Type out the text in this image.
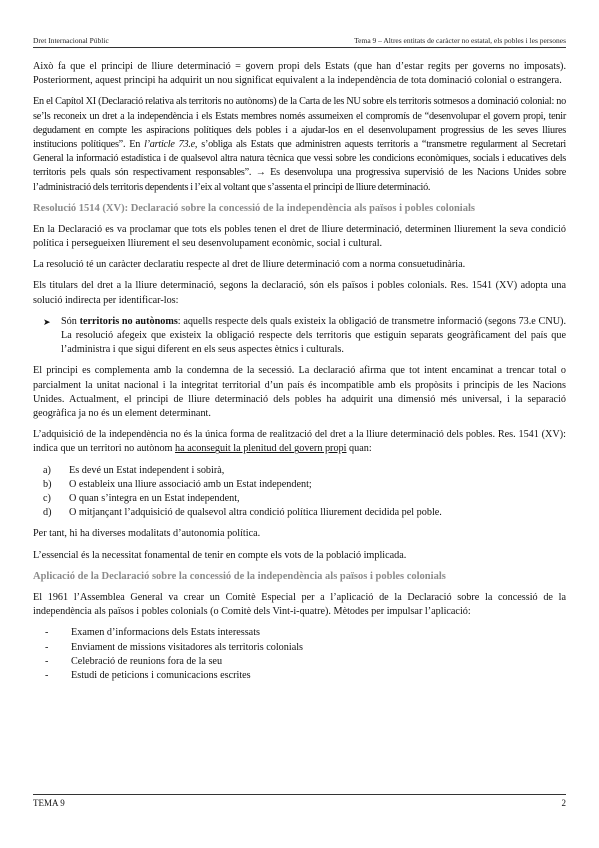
Dret Internacional Públic	Tema 9 – Altres entitats de caràcter no estatal, els pobles i les persones

Això fa que el principi de lliure determinació = govern propi dels Estats (que han d’estar regits per governs no imposats). Posteriorment, aquest principi ha adquirit un nou significat equivalent a la independència de tota dominació colonial o estrangera.

En el Capítol XI (Declaració relativa als territoris no autònoms) de la Carta de les NU sobre els territoris sotmesos a dominació colonial: no se’ls reconeix un dret a la independència i els Estats membres només assumeixen el compromís de “desenvolupar el govern propi, tenir degudament en compte les aspiracions polítiques dels pobles i a ajudar-los en el desenvolupament progressius de les seves lliures institucions polítiques”. En l’article 73.e, s’obliga als Estats que administren aquests territoris a “transmetre regularment al Secretari General la informació estadística i de qualsevol altra natura tècnica que vessi sobre les condicions econòmiques, socials i educatives dels territoris pels quals són respectivament responsables”. → Es desenvolupa una progressiva supervisió de les Nacions Unides sobre l’administració dels territoris dependents i l’eix al voltant que s’assenta el principi de lliure determinació.

Resolució 1514 (XV): Declaració sobre la concessió de la independència als països i pobles colonials

En la Declaració es va proclamar que tots els pobles tenen el dret de lliure determinació, determinen lliurement la seva condició política i persegueixen lliurement el seu desenvolupament econòmic, social i cultural.

La resolució té un caràcter declaratiu respecte al dret de lliure determinació com a norma consuetudinària.

Els titulars del dret a la lliure determinació, segons la declaració, són els països i pobles colonials. Res. 1541 (XV) adopta una solució indirecta per identificar-los:

➤	Són territoris no autònoms: aquells respecte dels quals existeix la obligació de transmetre informació (segons 73.e CNU). La resolució afegeix que existeix la obligació respecte dels territoris que estiguin separats geogràficament del país que l’administra i que sigui diferent en els seus aspectes ètnics i culturals.

El principi es complementa amb la condemna de la secessió. La declaració afirma que tot intent encaminat a trencar total o parcialment la unitat nacional i la integritat territorial d’un país és incompatible amb els propòsits i principis de les Nacions Unides. Actualment, el principi de lliure determinació dels pobles ha adquirit una dimensió més universal, i la separació geogràfica ja no és un element determinant.

L’adquisició de la independència no és la única forma de realització del dret a la lliure determinació dels pobles. Res. 1541 (XV): indica que un territori no autònom ha aconseguit la plenitud del govern propi quan:

a)	Es devé un Estat independent i sobirà,
b)	O estableix una lliure associació amb un Estat independent;
c)	O quan s’integra en un Estat independent,
d)	O mitjançant l’adquisició de qualsevol altra condició política lliurement decidida pel poble.

Per tant, hi ha diverses modalitats d’autonomia política.

L’essencial és la necessitat fonamental de tenir en compte els vots de la població implicada.

Aplicació de la Declaració sobre la concessió de la independència als països i pobles colonials

El 1961 l’Assemblea General va crear un Comitè Especial per a l’aplicació de la Declaració sobre la concessió de la independència als països i pobles colonials (o Comitè dels Vint-i-quatre). Mètodes per impulsar l’aplicació:

-	Examen d’informacions dels Estats interessats
-	Enviament de missions visitadores als territoris colonials
-	Celebració de reunions fora de la seu
-	Estudi de peticions i comunicacions escrites
TEMA 9	2
